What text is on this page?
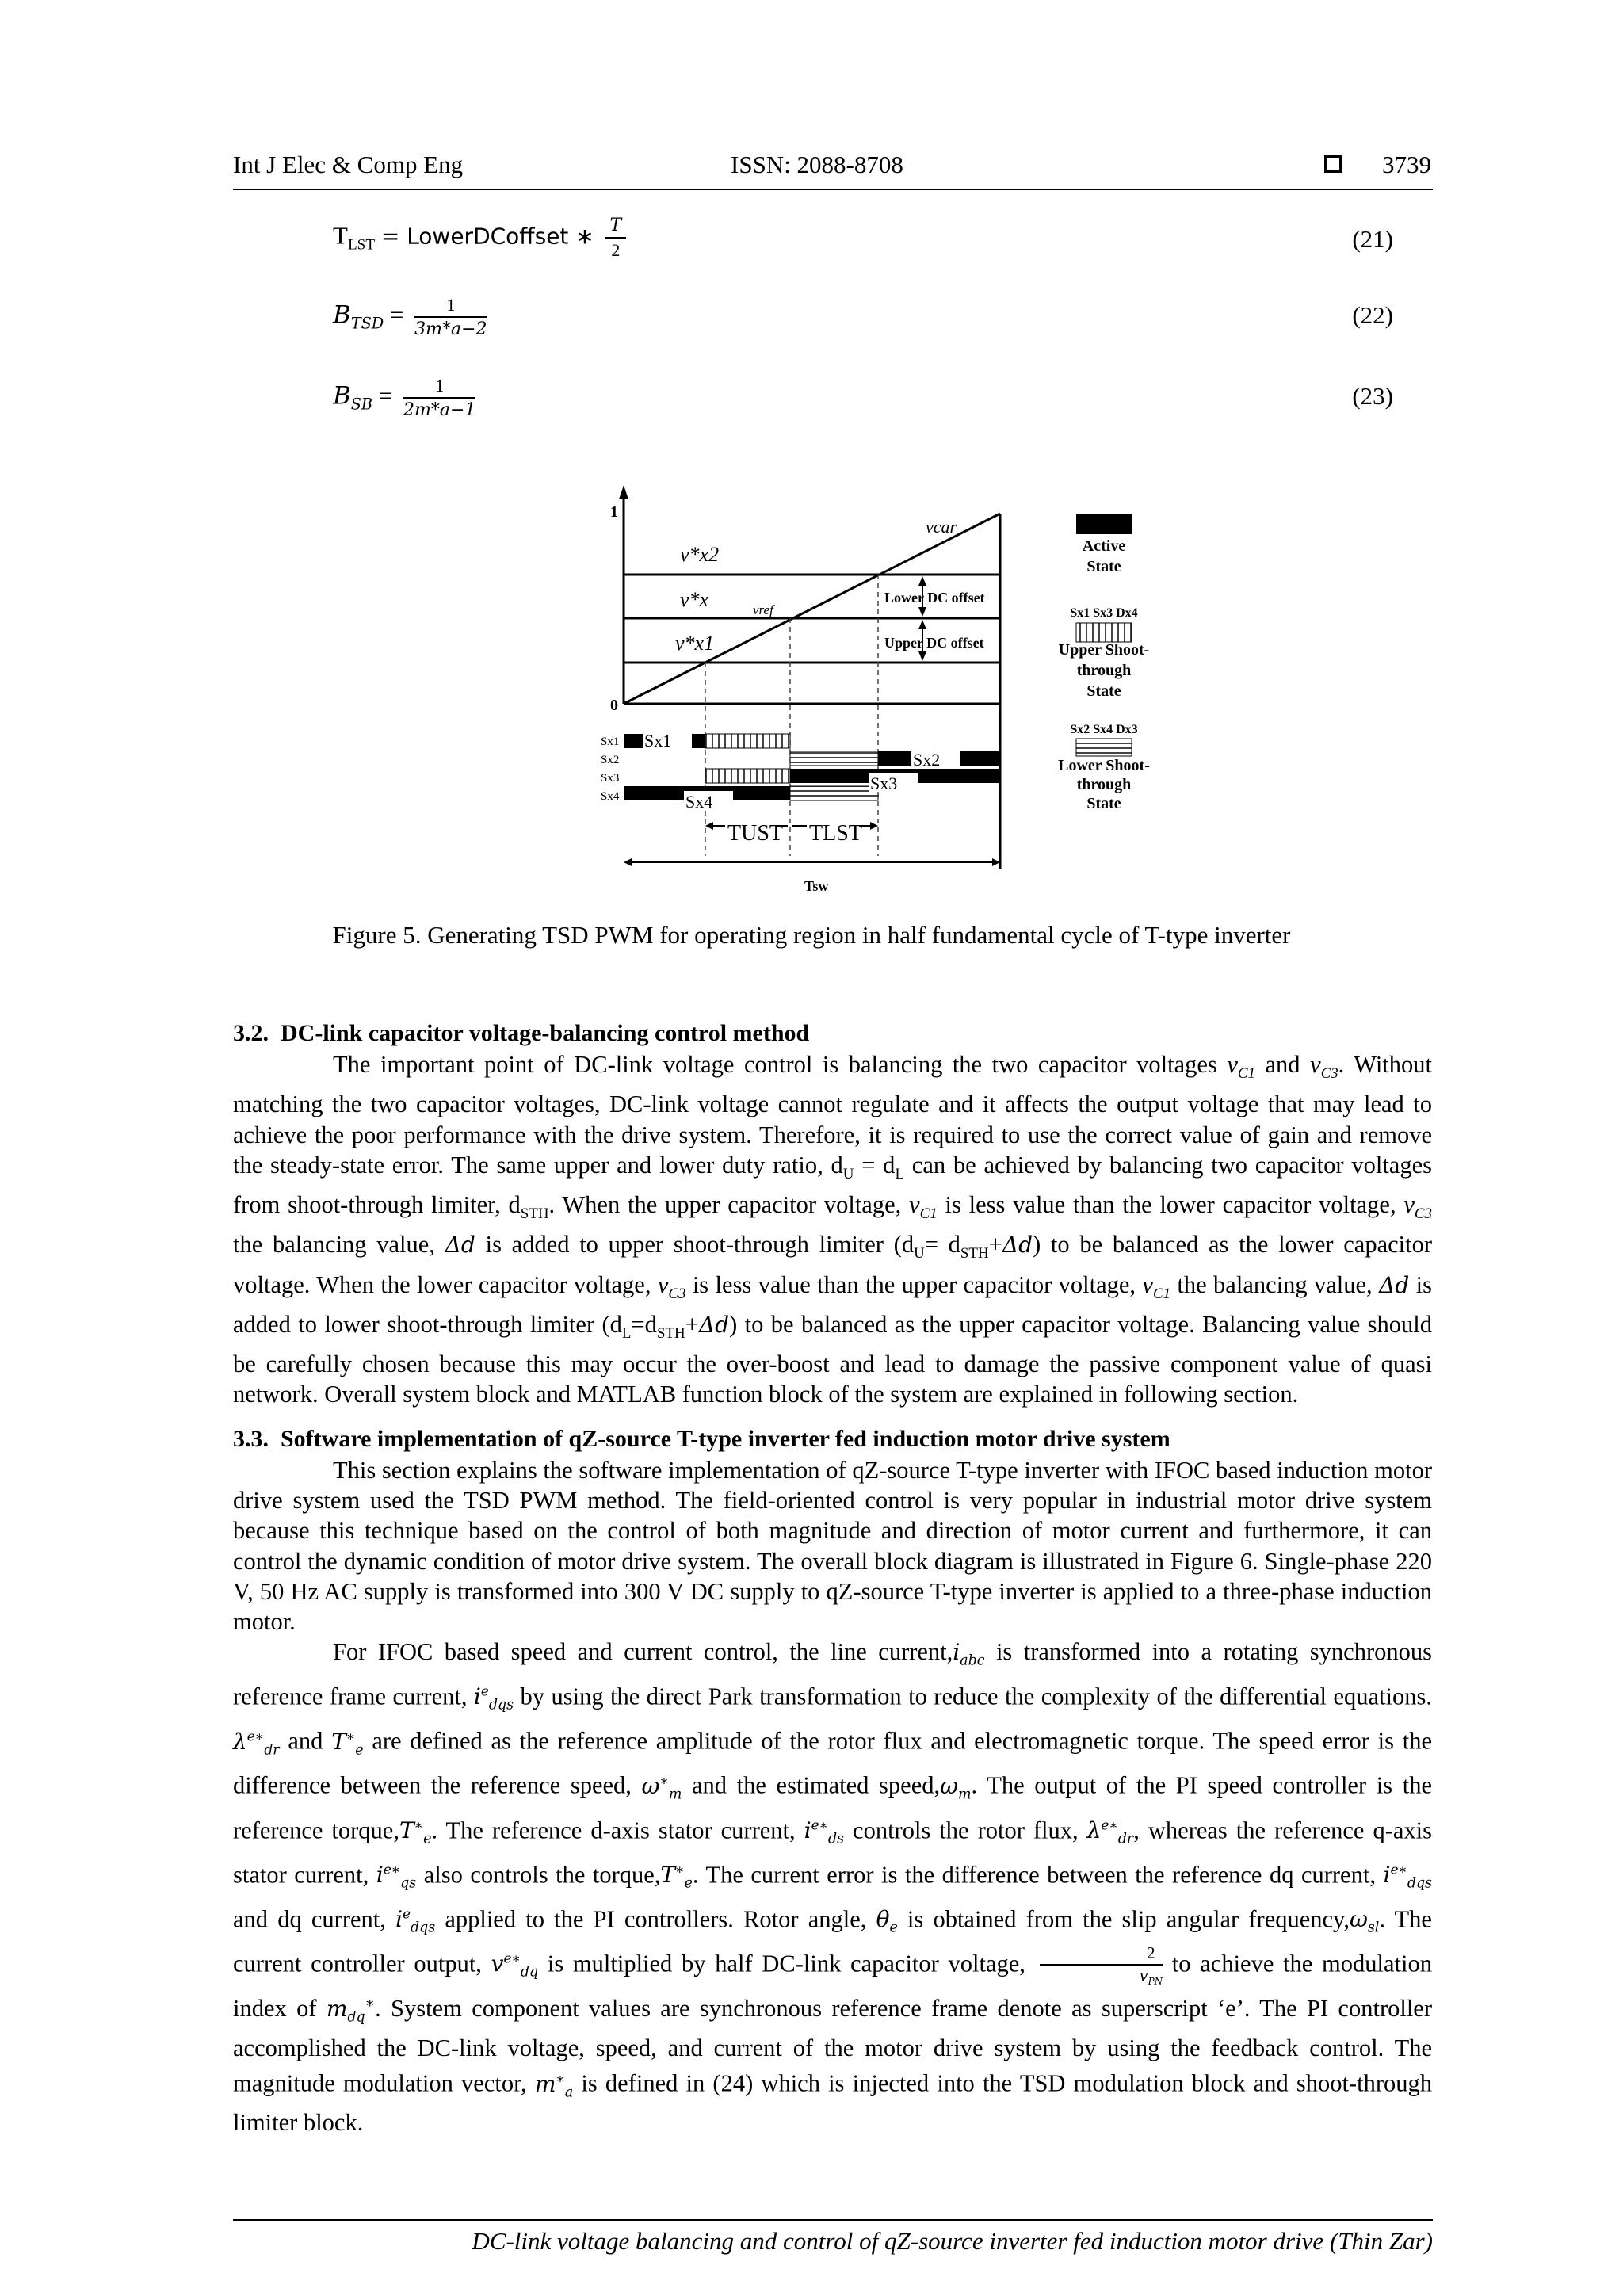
Int J Elec & Comp Eng	ISSN: 2088-8708	3739
$T_{LST}$ = LowerDCoffset ∗ $\frac{T}{2}$	(21)
$B_{TSD} = \frac{1}{3m*a-2}$	(22)
$B_{SB} = \frac{1}{2m*a-1}$	(23)
1
0
Lower DC offset
Upper DC offset
v*x2
v*x
v*x1
vref
vcar
Sx1
Sx2
Sx3
Sx4
Sx1
Sx2
Sx3
Sx4
TUST TLST
Tsw
Active
State
Sx1 Sx3 Dx4
Upper Shoot-
through
State
Sx2 Sx4 Dx3
Lower Shoot-
through
State
Figure 5. Generating TSD PWM for operating region in half fundamental cycle of T-type inverter
3.2. DC-link capacitor voltage-balancing control method

The important point of DC-link voltage control is balancing the two capacitor voltages $v_{C1}$ and $v_{C3}$. Without matching the two capacitor voltages, DC-link voltage cannot regulate and it affects the output voltage that may lead to achieve the poor performance with the drive system. Therefore, it is required to use the correct value of gain and remove the steady-state error. The same upper and lower duty ratio, $d_U = d_L$ can be achieved by balancing two capacitor voltages from shoot-through limiter, $d_{STH}$. When the upper capacitor voltage, $v_{C1}$ is less value than the lower capacitor voltage, $v_{C3}$ the balancing value, Δd is added to upper shoot-through limiter $(d_U= d_{STH}+\Delta d)$ to be balanced as the lower capacitor voltage. When the lower capacitor voltage, $v_{C3}$ is less value than the upper capacitor voltage, $v_{C1}$ the balancing value, Δd is added to lower shoot-through limiter $(d_L=d_{STH}+\Delta d)$ to be balanced as the upper capacitor voltage. Balancing value should be carefully chosen because this may occur the over-boost and lead to damage the passive component value of quasi network. Overall system block and MATLAB function block of the system are explained in following section.

3.3. Software implementation of qZ-source T-type inverter fed induction motor drive system

This section explains the software implementation of qZ-source T-type inverter with IFOC based induction motor drive system used the TSD PWM method. The field-oriented control is very popular in industrial motor drive system because this technique based on the control of both magnitude and direction of motor current and furthermore, it can control the dynamic condition of motor drive system. The overall block diagram is illustrated in Figure 6. Single-phase 220 V, 50 Hz AC supply is transformed into 300 V DC supply to qZ-source T-type inverter is applied to a three-phase induction motor.

For IFOC based speed and current control, the line $current,i_{abc}$ is transformed into a rotating synchronous reference frame current, $i^e_{dqs}$ by using the direct Park transformation to reduce the complexity of the differential equations. $\lambda^{e∗}_{dr}$ and $T^∗_e$ are defined as the reference amplitude of the rotor flux and electromagnetic torque. The speed error is the difference between the reference speed, $\omega^∗_m$ and the estimated $speed,\omega_m$. The output of the PI speed controller is the reference $torque,T^∗_e$. The reference d-axis stator current, $i^{e∗}_{ds}$ controls the rotor flux, $\lambda^{e∗}_{dr}$, whereas the reference q-axis stator current, $i^{e∗}_{qs}$ also controls the $torque,T^∗_e$. The current error is the difference between the reference dq current, $i^{e∗}_{dqs}$ and dq current, $i^e_{dqs}$ applied to the PI controllers. Rotor angle, $\theta_e$ is obtained from the slip angular $frequency,\omega_{sl}$. The current controller output, $v^{e∗}_{dq}$ is multiplied by half DC-link capacitor voltage, $\frac{2}{v_{PN}}$ to achieve the modulation index of $m_{dq}^∗$. System component values are synchronous reference frame denote as superscript ‘e’. The PI controller accomplished the DC-link voltage, speed, and current of the motor drive system by using the feedback control. The magnitude modulation vector, $m^∗_a$ is defined in (24) which is injected into the TSD modulation block and shoot-through limiter block.

DC-link voltage balancing and control of qZ-source inverter fed induction motor drive (Thin Zar)
